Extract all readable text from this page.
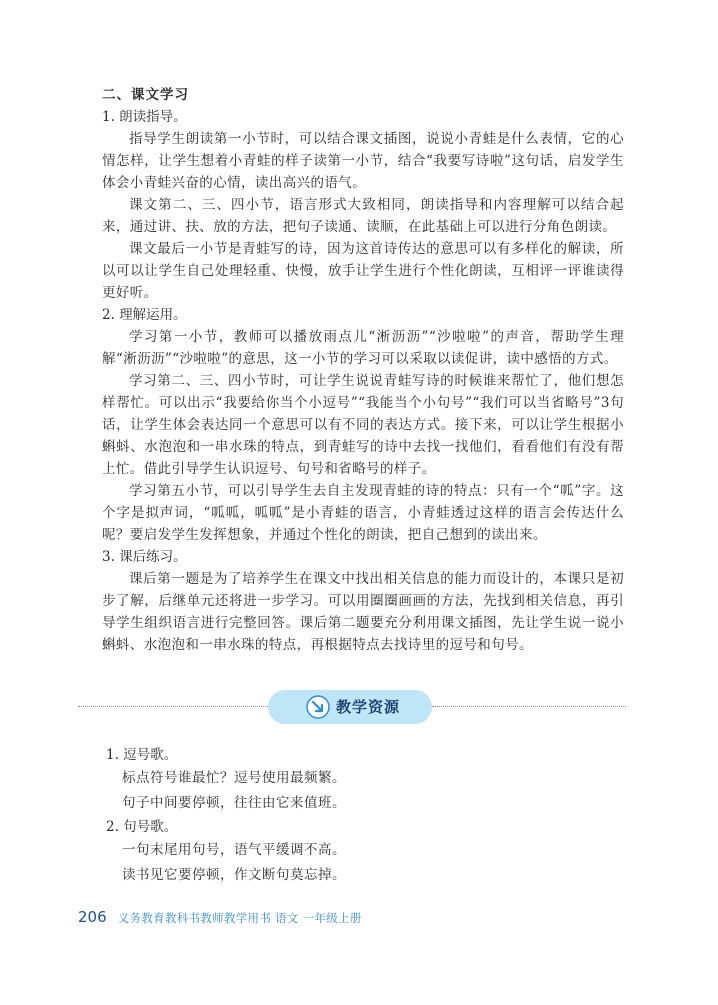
二、课文学习

1. 朗读指导。

指导学生朗读第一小节时，可以结合课文插图，说说小青蛙是什么表情，它的心情怎样，让学生想着小青蛙的样子读第一小节，结合“我要写诗啦”这句话，启发学生体会小青蛙兴奋的心情，读出高兴的语气。

课文第二、三、四小节，语言形式大致相同，朗读指导和内容理解可以结合起来，通过讲、扶、放的方法，把句子读通、读顺，在此基础上可以进行分角色朗读。

课文最后一小节是青蛙写的诗，因为这首诗传达的意思可以有多样化的解读，所以可以让学生自己处理轻重、快慢，放手让学生进行个性化朗读，互相评一评谁读得更好听。

2. 理解运用。

学习第一小节，教师可以播放雨点儿“淅沥沥”“沙啦啦”的声音，帮助学生理解“淅沥沥”“沙啦啦”的意思，这一小节的学习可以采取以读促讲，读中感悟的方式。

学习第二、三、四小节时，可让学生说说青蛙写诗的时候谁来帮忙了，他们想怎样帮忙。可以出示“我要给你当个小逗号”“我能当个小句号”“我们可以当省略号”3句话，让学生体会表达同一个意思可以有不同的表达方式。接下来，可以让学生根据小蝌蚪、水泡泡和一串水珠的特点，到青蛙写的诗中去找一找他们，看看他们有没有帮上忙。借此引导学生认识逗号、句号和省略号的样子。

学习第五小节，可以引导学生去自主发现青蛙的诗的特点：只有一个“呱”字。这个字是拟声词，“呱呱，呱呱”是小青蛙的语言，小青蛙透过这样的语言会传达什么呢？要启发学生发挥想象，并通过个性化的朗读，把自己想到的读出来。

3. 课后练习。

课后第一题是为了培养学生在课文中找出相关信息的能力而设计的，本课只是初步了解，后继单元还将进一步学习。可以用圈圈画画的方法，先找到相关信息，再引导学生组织语言进行完整回答。课后第二题要充分利用课文插图，先让学生说一说小蝌蚪、水泡泡和一串水珠的特点，再根据特点去找诗里的逗号和句号。

教学资源

1. 逗号歌。

标点符号谁最忙？逗号使用最频繁。

句子中间要停顿，往往由它来值班。

2. 句号歌。

一句末尾用句号，语气平缓调不高。

读书见它要停顿，作文断句莫忘掉。

206 义务教育教科书教师教学用书 语文 一年级上册
